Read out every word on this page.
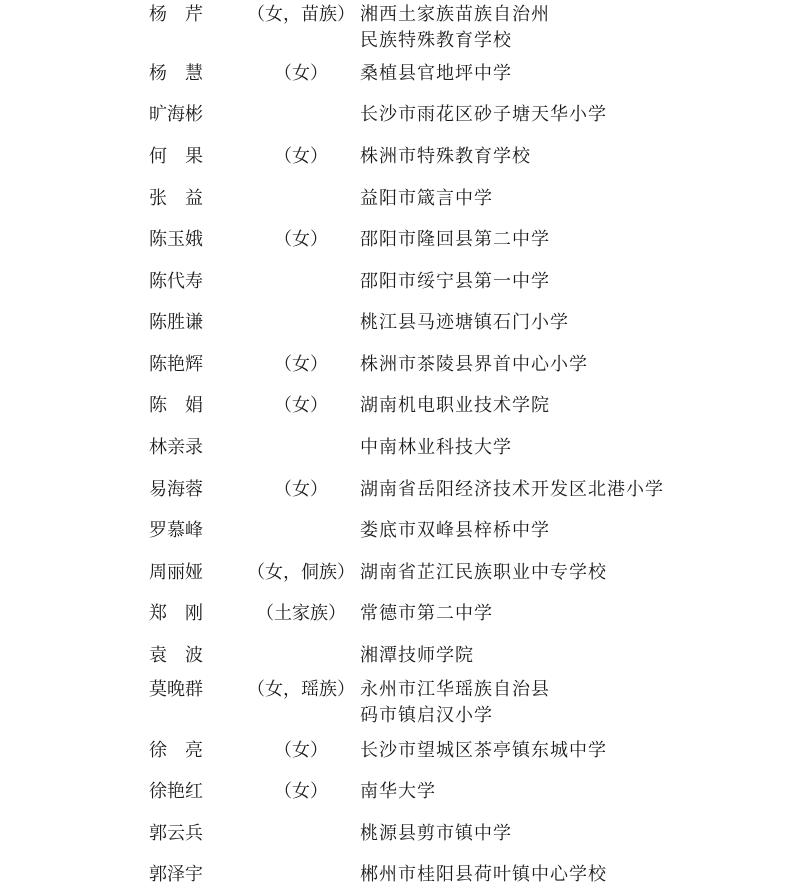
杨　芹	（女，苗族） 湘西土家族苗族自治州
民族特殊教育学校
杨　慧	（女）	桑植县官地坪中学
旷海彬	长沙市雨花区砂子塘天华小学
何　果	（女）	株洲市特殊教育学校
张　益	益阳市箴言中学
陈玉娥	（女）	邵阳市隆回县第二中学
陈代寿	邵阳市绥宁县第一中学
陈胜谦	桃江县马迹塘镇石门小学
陈艳辉	（女）	株洲市茶陵县界首中心小学
陈　娟	（女）	湖南机电职业技术学院
林亲录	中南林业科技大学
易海蓉	（女）	湖南省岳阳经济技术开发区北港小学
罗慕峰	娄底市双峰县梓桥中学
周丽娅	（女，侗族） 湖南省芷江民族职业中专学校
郑　刚	（土家族） 常德市第二中学
袁　波	湘潭技师学院
莫晚群	（女，瑶族） 永州市江华瑶族自治县
码市镇启汉小学
徐　亮	（女）	长沙市望城区茶亭镇东城中学
徐艳红	（女）	南华大学
郭云兵	桃源县剪市镇中学
郭泽宇	郴州市桂阳县荷叶镇中心学校
